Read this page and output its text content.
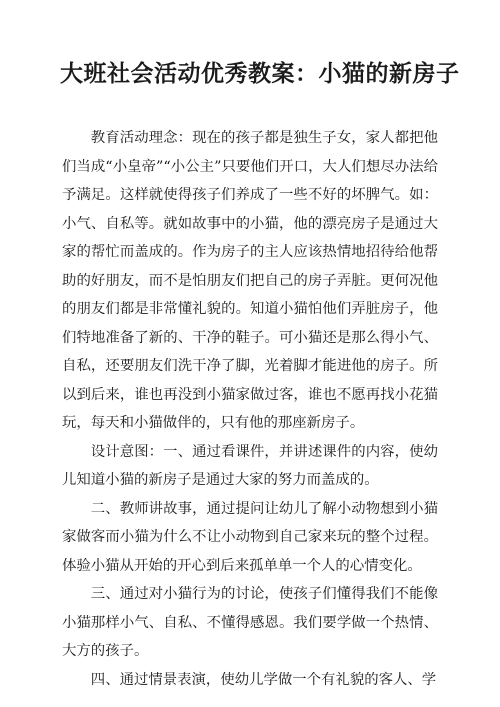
大班社会活动优秀教案：小猫的新房子

教育活动理念：现在的孩子都是独生子女，家人都把他们当成“小皇帝”“小公主”只要他们开口，大人们想尽办法给予满足。这样就使得孩子们养成了一些不好的坏脾气。如：小气、自私等。就如故事中的小猫，他的漂亮房子是通过大家的帮忙而盖成的。作为房子的主人应该热情地招待给他帮助的好朋友，而不是怕朋友们把自己的房子弄脏。更何况他的朋友们都是非常懂礼貌的。知道小猫怕他们弄脏房子，他们特地准备了新的、干净的鞋子。可小猫还是那么得小气、自私，还要朋友们洗干净了脚，光着脚才能进他的房子。所以到后来，谁也再没到小猫家做过客，谁也不愿再找小花猫玩，每天和小猫做伴的，只有他的那座新房子。

设计意图：一、通过看课件，并讲述课件的内容，使幼儿知道小猫的新房子是通过大家的努力而盖成的。

二、教师讲故事，通过提问让幼儿了解小动物想到小猫家做客而小猫为什么不让小动物到自己家来玩的整个过程。体验小猫从开始的开心到后来孤单单一个人的心情变化。

三、通过对小猫行为的讨论，使孩子们懂得我们不能像小猫那样小气、自私、不懂得感恩。我们要学做一个热情、大方的孩子。

四、通过情景表演，使幼儿学做一个有礼貌的客人、学
